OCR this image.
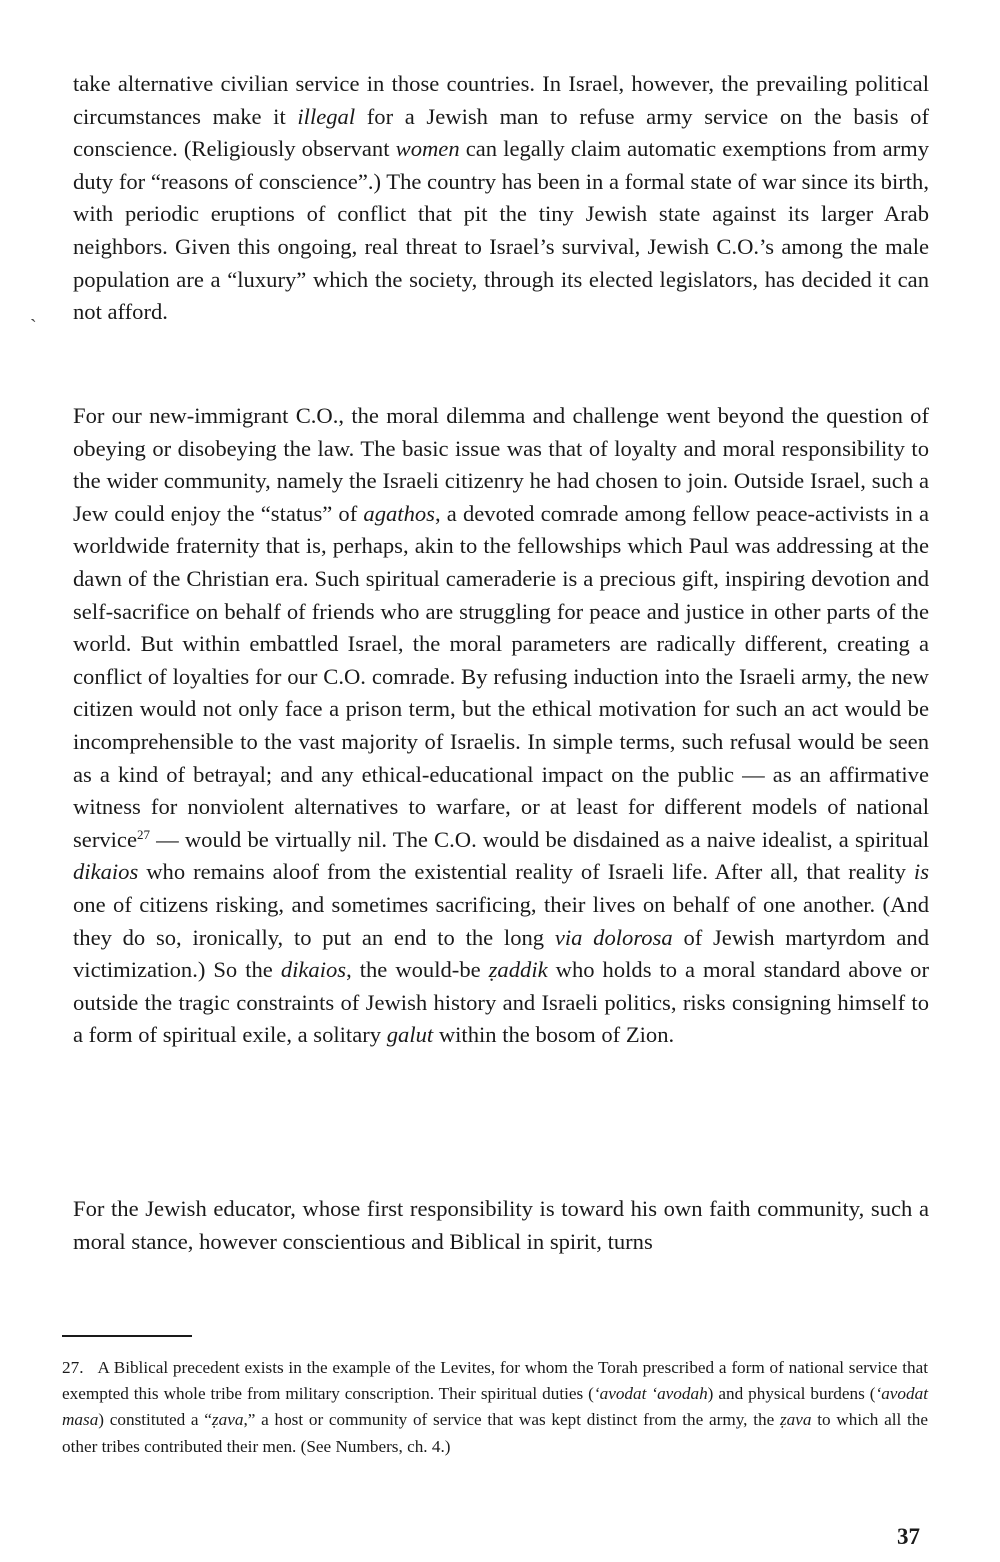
`

take alternative civilian service in those countries. In Israel, however, the prevailing political circumstances make it illegal for a Jewish man to refuse army service on the basis of conscience. (Religiously observant women can legally claim automatic exemptions from army duty for “reasons of conscience”.) The country has been in a formal state of war since its birth, with periodic eruptions of conflict that pit the tiny Jewish state against its larger Arab neighbors. Given this ongoing, real threat to Israel’s survival, Jewish C.O.’s among the male population are a “luxury” which the society, through its elected legislators, has decided it can not afford.

For our new-immigrant C.O., the moral dilemma and challenge went beyond the question of obeying or disobeying the law. The basic issue was that of loyalty and moral responsibility to the wider community, namely the Israeli citizenry he had chosen to join. Outside Israel, such a Jew could enjoy the “status” of agathos, a devoted comrade among fellow peace-activists in a worldwide fraternity that is, perhaps, akin to the fellowships which Paul was addressing at the dawn of the Christian era. Such spiritual cameraderie is a precious gift, inspiring devotion and self-sacrifice on behalf of friends who are struggling for peace and justice in other parts of the world. But within embattled Israel, the moral parameters are radically different, creating a conflict of loyalties for our C.O. comrade. By refusing induction into the Israeli army, the new citizen would not only face a prison term, but the ethical motivation for such an act would be incomprehensible to the vast majority of Israelis. In simple terms, such refusal would be seen as a kind of betrayal; and any ethical-educational impact on the public — as an affirmative witness for nonviolent alternatives to warfare, or at least for different models of national service$^{27}$ — would be virtually nil. The C.O. would be disdained as a naive idealist, a spiritual dikaios who remains aloof from the existential reality of Israeli life. After all, that reality is one of citizens risking, and sometimes sacrificing, their lives on behalf of one another. (And they do so, ironically, to put an end to the long via dolorosa of Jewish martyrdom and victimization.) So the dikaios, the would-be ẓaddik who holds to a moral standard above or outside the tragic constraints of Jewish history and Israeli politics, risks consigning himself to a form of spiritual exile, a solitary galut within the bosom of Zion.

For the Jewish educator, whose first responsibility is toward his own faith community, such a moral stance, however conscientious and Biblical in spirit, turns

27. A Biblical precedent exists in the example of the Levites, for whom the Torah prescribed a form of national service that exempted this whole tribe from military conscription. Their spiritual duties (‘avodat ‘avodah) and physical burdens (‘avodat masa) constituted a “ẓava,” a host or community of service that was kept distinct from the army, the ẓava to which all the other tribes contributed their men. (See Numbers, ch. 4.)

37
